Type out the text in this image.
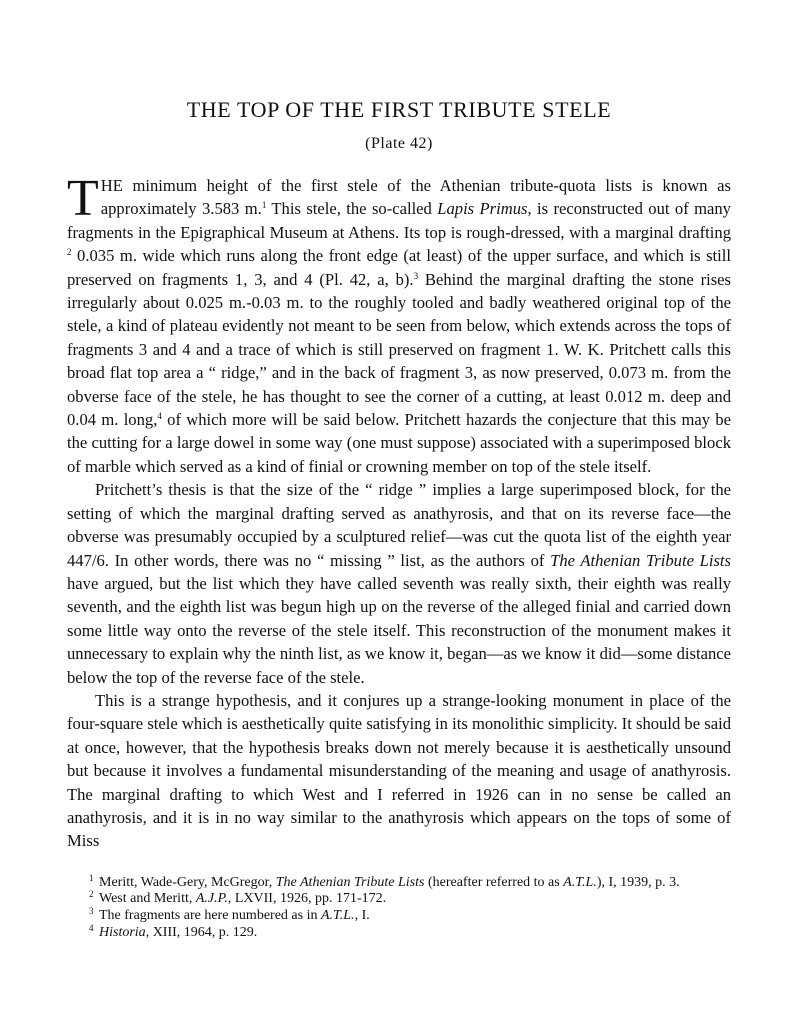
THE TOP OF THE FIRST TRIBUTE STELE
(Plate 42)

THE minimum height of the first stele of the Athenian tribute-quota lists is known as approximately 3.583 m.$^1$ This stele, the so-called Lapis Primus, is reconstructed out of many fragments in the Epigraphical Museum at Athens. Its top is rough-dressed, with a marginal drafting $^2$ 0.035 m. wide which runs along the front edge (at least) of the upper surface, and which is still preserved on fragments 1, 3, and 4 (Pl. 42, a, b).$^3$ Behind the marginal drafting the stone rises irregularly about 0.025 m.-0.03 m. to the roughly tooled and badly weathered original top of the stele, a kind of plateau evidently not meant to be seen from below, which extends across the tops of fragments 3 and 4 and a trace of which is still preserved on fragment 1. W. K. Pritchett calls this broad flat top area a “ ridge,” and in the back of fragment 3, as now preserved, 0.073 m. from the obverse face of the stele, he has thought to see the corner of a cutting, at least 0.012 m. deep and 0.04 m. long,$^4$ of which more will be said below. Pritchett hazards the conjecture that this may be the cutting for a large dowel in some way (one must suppose) associated with a superimposed block of marble which served as a kind of finial or crowning member on top of the stele itself.

Pritchett’s thesis is that the size of the “ ridge ” implies a large superimposed block, for the setting of which the marginal drafting served as anathyrosis, and that on its reverse face—the obverse was presumably occupied by a sculptured relief—was cut the quota list of the eighth year 447/6. In other words, there was no “ missing ” list, as the authors of The Athenian Tribute Lists have argued, but the list which they have called seventh was really sixth, their eighth was really seventh, and the eighth list was begun high up on the reverse of the alleged finial and carried down some little way onto the reverse of the stele itself. This reconstruction of the monument makes it unnecessary to explain why the ninth list, as we know it, began—as we know it did—some distance below the top of the reverse face of the stele.

This is a strange hypothesis, and it conjures up a strange-looking monument in place of the four-square stele which is aesthetically quite satisfying in its monolithic simplicity. It should be said at once, however, that the hypothesis breaks down not merely because it is aesthetically unsound but because it involves a fundamental misunderstanding of the meaning and usage of anathyrosis. The marginal drafting to which West and I referred in 1926 can in no sense be called an anathyrosis, and it is in no way similar to the anathyrosis which appears on the tops of some of Miss

1 Meritt, Wade-Gery, McGregor, The Athenian Tribute Lists (hereafter referred to as A.T.L.), I, 1939, p. 3.

2 West and Meritt, A.J.P., LXVII, 1926, pp. 171-172.

3 The fragments are here numbered as in A.T.L., I.

4 Historia, XIII, 1964, p. 129.
